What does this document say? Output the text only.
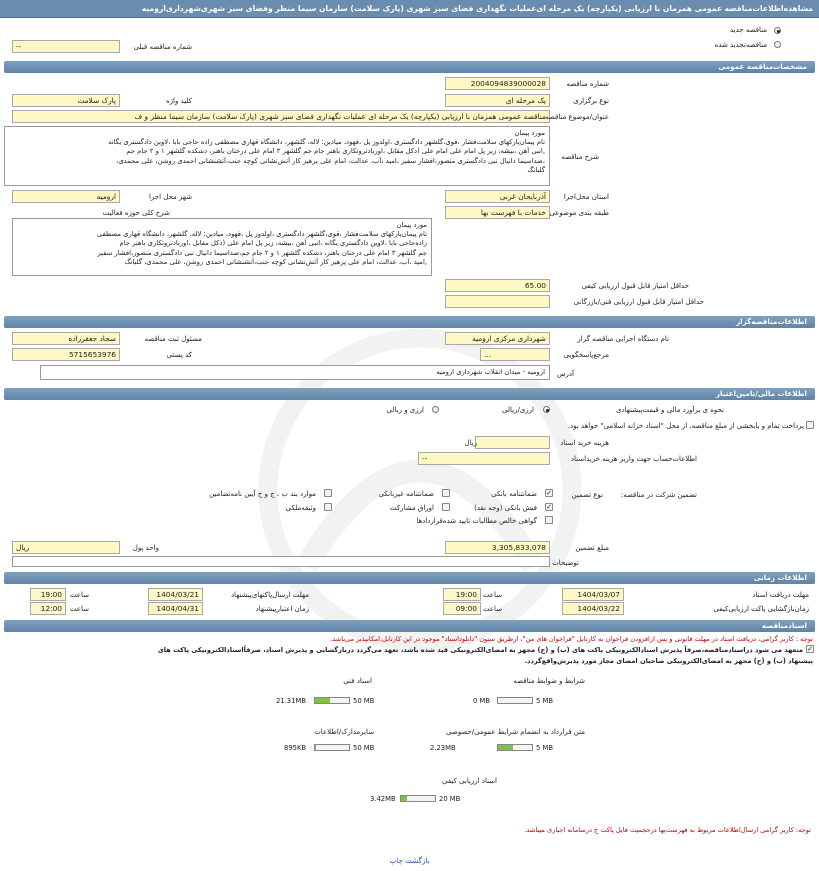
مشاهده‌اطلاعات‌مناقصه عمومی همزمان با ارزیابی (یکپارچه) یک مرحله ای‌عملیات نگهداری فضای سبز شهری (پارک سلامت) سازمان سیما منظر وفضای سبز شهری‌شهرداری‌ارومیه
مناقصه جدید
مناقصه‌تجدید شده
--	شماره مناقصه قبلی
مشخصات‌مناقصه عمومی
2004094839000028	شماره مناقصه
یک مرحله ای	نوع برگزاری
پارک سلامت	کلید واژه
مناقصه عمومی همزمان با ارزیابی (یکپارچه) یک مرحله ای عملیات نگهداری فضای سبز شهری (پارک سلامت) سازمان سیما منظر و ف عنوان/موضوع مناقصه
مورد پیمان
نام پیمان‌پارکهای سلامت‌فشار ،قوی،گلشهر دادگستری ،اولدوز پل ،فهود، میادین: لاله، گلشهر، دانشگاه قهاری مصطفی زاده حاجی بابا ،لاوین دادگستری یگانه
,انبی آهن ،بیشه، زیر پل امام علی امام علی (دکل مقابل ،اوربادتروتکاری باهنر جام جم گلشهر ۳ امام علی درختان باهنر، دشکده گلشهر ۱ و ۲ جام جم
،صداسیما دانیال نبی دادگستری منصور،افشار سفیر ،امید ،آب، عدالت، امام علی پرهیز کار آتش‌نشانی کوچه جنب،آتشنشانی احمدی روشن، علی محمدی،
گلبانگ
شرح مناقصه
آذربایجان غربی	استان محل‌اجرا
ارومیه	شهر محل اجرا
خدمات با فهرست بها طبقه بندی موضوعی
شرح کلی حوزه فعالیت
مورد پیمان
نام پیمان‌پارکهای سلامت‌فشار ،قوی،گلشهر دادگستری ،اولدوز پل ،فهود، میادین: لاله، گلشهر، دانشگاه قهاری مصطفی
زاده‌حاجی بابا ،لاوین دادگستری یگانه ،انبی آهن ،بیشه، زیر پل امام علی (دکل مقابل ،اوربادتروتکاری باهنر جام
جم گلشهر ۳ امام علی درختان باهنر، دشکده گلشهر ۱ و ۲ جام جم،صداسیما دانیال نبی دادگستری منصور،افشار سفیر
,امید ،آب، عدالت، امام علی پرهیز کار آتش‌نشانی کوچه جنب،آتشنشانی احمدی روشن، علی محمدی، گلبانگ
65.00	حداقل امتیاز قابل قبول ارزیابی کیفی
حداقل امتیاز قابل قبول ارزیابی فنی/بازرگانی
اطلاعات‌مناقصه‌گزار
شهرداری مرکزی ارومیه	نام دستگاه اجرایی مناقصه گزار
سجاد جعفرزاده	مسئول ثبت مناقصه
...	مرجع‌پاسخگویی
5715653976	کد پستی
ارومیه - میدان انقلاب شهرداری ارومیه	آدرس
اطلاعات مالی/تامین‌اعتبار
نحوه ی برآورد مالی و قیمت‌پیشنهادی
ارزی/ریالی
ارزی و ریالی
پرداخت تمام و یابخشی از مبلغ مناقصه، از محل "اسناد خزانه اسلامی" خواهد بود.
ریال	هزینه خرید اسناد
--	اطلاعات‌حساب جهت واریز هزینه خریداسناد
تضمین شرکت در مناقصه:
نوع تضمین
✓
ضمانتنامه بانکی
ضمانتنامه غیربانکی
موارد بند ب ، ج و خ آیین نامه‌تضامین
✓
فیش بانکی (وجه نقد)
اوراق مشارکت
وثیقه‌ملکی
گواهی خالص مطالبات تایید شده‌قراردادها
3,305,833,078	مبلغ تضمین
ریال	واحد پول
توضیحات
اطلاعات زمانی
1404/03/07	مهلت دریافت اسناد
19:00 ساعت
1404/03/21	مهلت ارسال‌پاکتهای‌پیشنهاد
19:00	ساعت
1404/03/22	زمان‌بازگشایی پاکت ارزیابی‌کیفی
09:00 ساعت
1404/04/31	زمان اعتبارپیشنهاد
12:00	ساعت
اسنادمناقصه
توجه : کاربر گرامی، دریافت اسناد در مهلت قانونی و پس ازافزودن فراخوان به کارتابل "فراخوان های من"، ازطریق ستون "دانلوداسناد" موجود در این کارتابل،امکانپذیر می‌باشد.
✓
متعهد می شود دراسنادمناقصه،صرفاً پذیرش اسنادالکترونیکی پاکت های (ب) و (ج) مجهز به امضای‌الکترونیکی قید شده باشد، تعهد می‌گردد دربازگشایی و پذیرش اسناد، صرفاًاسنادالکترونیکی پاکت های
پیشنهاد (ب) و (ج) مجهز به امضای‌الکترونیکی صاحبان امضای مجاز مورد پذیرش‌واقع‌گردد.
شرایط و ضوابط مناقصه
0 MB	5 MB
اسناد فنی
21.31MB	50 MB
متن قرارداد به انضمام شرایط عمومی/خصوصی
2.23MB	5 MB
سایرمدارک/اطلاعات
895KB	50 MB
اسناد ارزیابی کیفی
3.42MB	20 MB
توجه: کاربر گرامی ارسال‌اطلاعات مربوط به فهرست‌بها درحجمیت فایل پاکت ج درسامانه اجباری میباشد.
بازگشت چاپ
